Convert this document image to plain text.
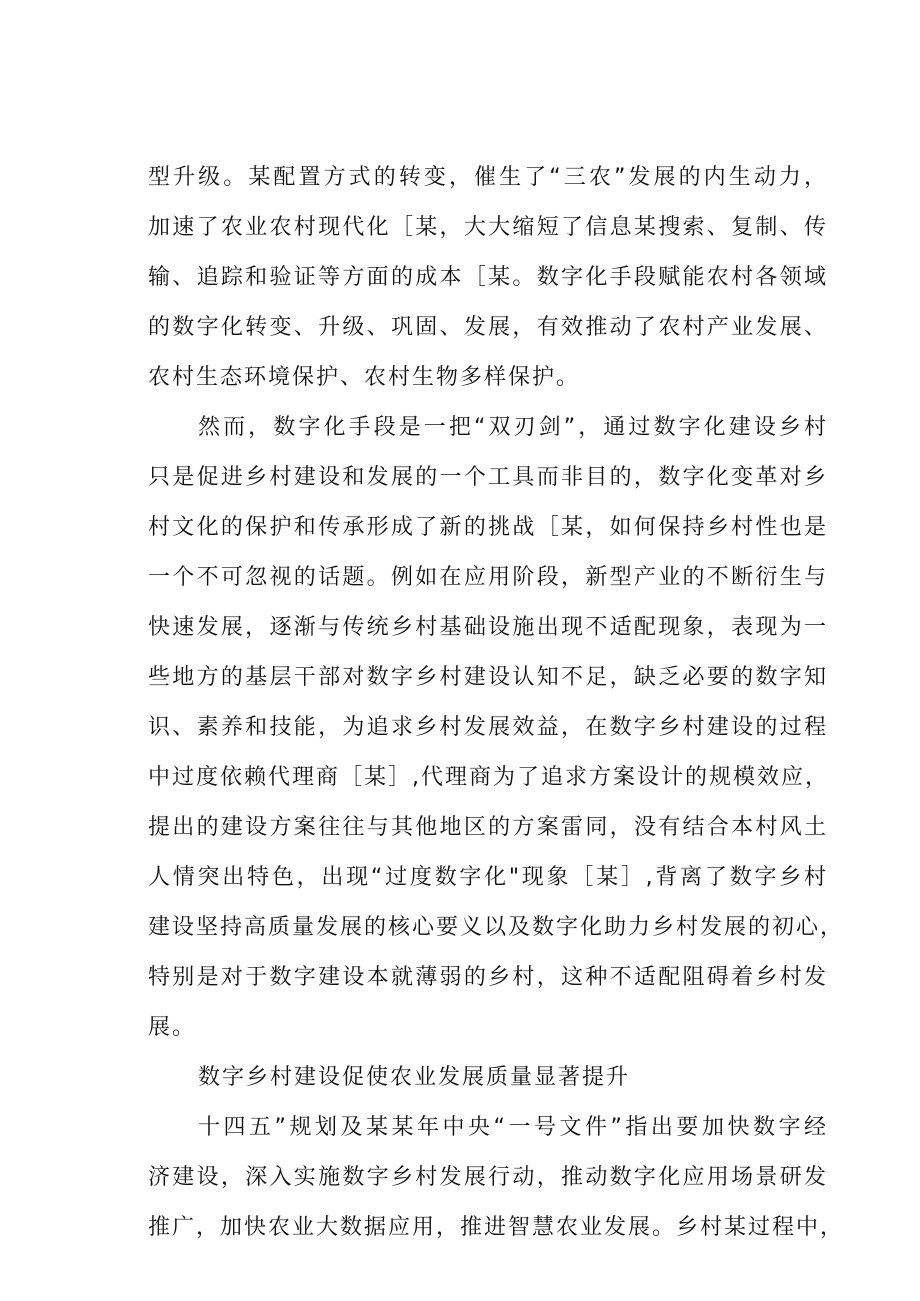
型升级。某配置方式的转变，催生了“三农”发展的内生动力，
加速了农业农村现代化［某，大大缩短了信息某搜索、复制、传
输、追踪和验证等方面的成本［某。数字化手段赋能农村各领域
的数字化转变、升级、巩固、发展，有效推动了农村产业发展、
农村生态环境保护、农村生物多样保护。
然而，数字化手段是一把“双刃剑”，通过数字化建设乡村
只是促进乡村建设和发展的一个工具而非目的，数字化变革对乡
村文化的保护和传承形成了新的挑战［某，如何保持乡村性也是
一个不可忽视的话题。例如在应用阶段，新型产业的不断衍生与
快速发展，逐渐与传统乡村基础设施出现不适配现象，表现为一
些地方的基层干部对数字乡村建设认知不足，缺乏必要的数字知
识、素养和技能，为追求乡村发展效益，在数字乡村建设的过程
中过度依赖代理商［某］,代理商为了追求方案设计的规模效应，
提出的建设方案往往与其他地区的方案雷同，没有结合本村风土
人情突出特色，出现“过度数字化"现象［某］,背离了数字乡村
建设坚持高质量发展的核心要义以及数字化助力乡村发展的初心，
特别是对于数字建设本就薄弱的乡村，这种不适配阻碍着乡村发
展。
数字乡村建设促使农业发展质量显著提升
十四五”规划及某某年中央“一号文件”指出要加快数字经
济建设，深入实施数字乡村发展行动，推动数字化应用场景研发
推广，加快农业大数据应用，推进智慧农业发展。乡村某过程中，
